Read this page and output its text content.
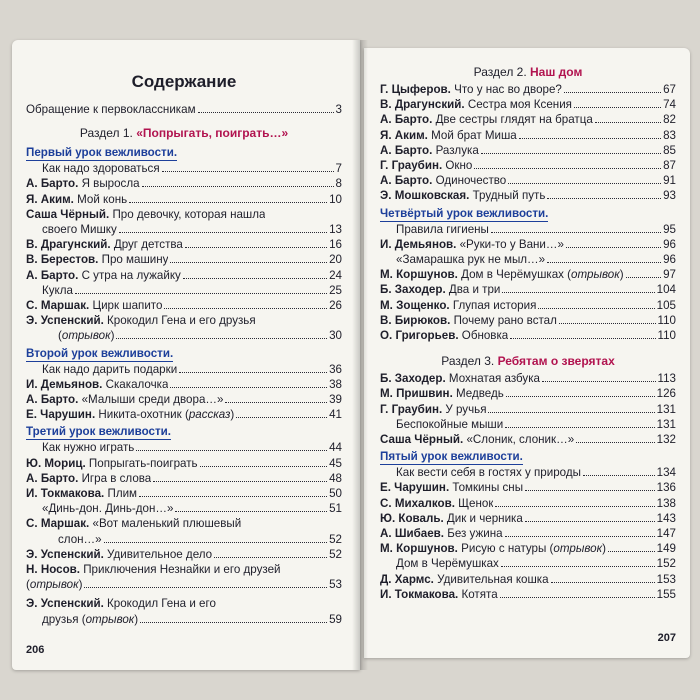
Содержание
Обращение к первоклассникам	3
Раздел 1. «Попрыгать, поиграть…»
Первый урок вежливости.
Как надо здороваться	7
А. Барто. Я выросла	8
Я. Аким. Мой конь	10
Саша Чёрный. Про девочку, которая нашла
своего Мишку	13
В. Драгунский. Друг детства	16
В. Берестов. Про машину	20
А. Барто. С утра на лужайку	24
Кукла	25
С. Маршак. Цирк шапито	26
Э. Успенский. Крокодил Гена и его друзья
(отрывок)	30
Второй урок вежливости.
Как надо дарить подарки	36
И. Демьянов. Скакалочка	38
А. Барто. «Малыши среди двора…»	39
Е. Чарушин. Никита-охотник (рассказ)	41
Третий урок вежливости.
Как нужно играть	44
Ю. Мориц. Попрыгать-поиграть	45
А. Барто. Игра в слова	48
И. Токмакова. Плим	50
«Динь-дон. Динь-дон…»	51
С. Маршак. «Вот маленький плюшевый
слон…»	52
Э. Успенский. Удивительное дело	52
Н. Носов. Приключения Незнайки и его друзей
(отрывок)	53
Э. Успенский. Крокодил Гена и его
друзья (отрывок)	59
206
Раздел 2. Наш дом
Г. Цыферов. Что у нас во дворе?	67
В. Драгунский. Сестра моя Ксения	74
А. Барто. Две сестры глядят на братца	82
Я. Аким. Мой брат Миша	83
А. Барто. Разлука	85
Г. Граубин. Окно	87
А. Барто. Одиночество	91
Э. Мошковская. Трудный путь	93
Четвёртый урок вежливости.
Правила гигиены	95
И. Демьянов. «Руки-то у Вани…»	96
«Замарашка рук не мыл…»	96
М. Коршунов. Дом в Черёмушках (отрывок)	97
Б. Заходер. Два и три	104
М. Зощенко. Глупая история	105
В. Бирюков. Почему рано встал	110
О. Григорьев. Обновка	110
Раздел 3. Ребятам о зверятах
Б. Заходер. Мохнатая азбука	113
М. Пришвин. Медведь	126
Г. Граубин. У ручья	131
Беспокойные мыши	131
Саша Чёрный. «Слоник, слоник…»	132
Пятый урок вежливости.
Как вести себя в гостях у природы	134
Е. Чарушин. Томкины сны	136
С. Михалков. Щенок	138
Ю. Коваль. Дик и черника	143
А. Шибаев. Без ужина	147
М. Коршунов. Рисую с натуры (отрывок)	149
Дом в Черёмушках	152
Д. Хармс. Удивительная кошка	153
И. Токмакова. Котята	155
207
